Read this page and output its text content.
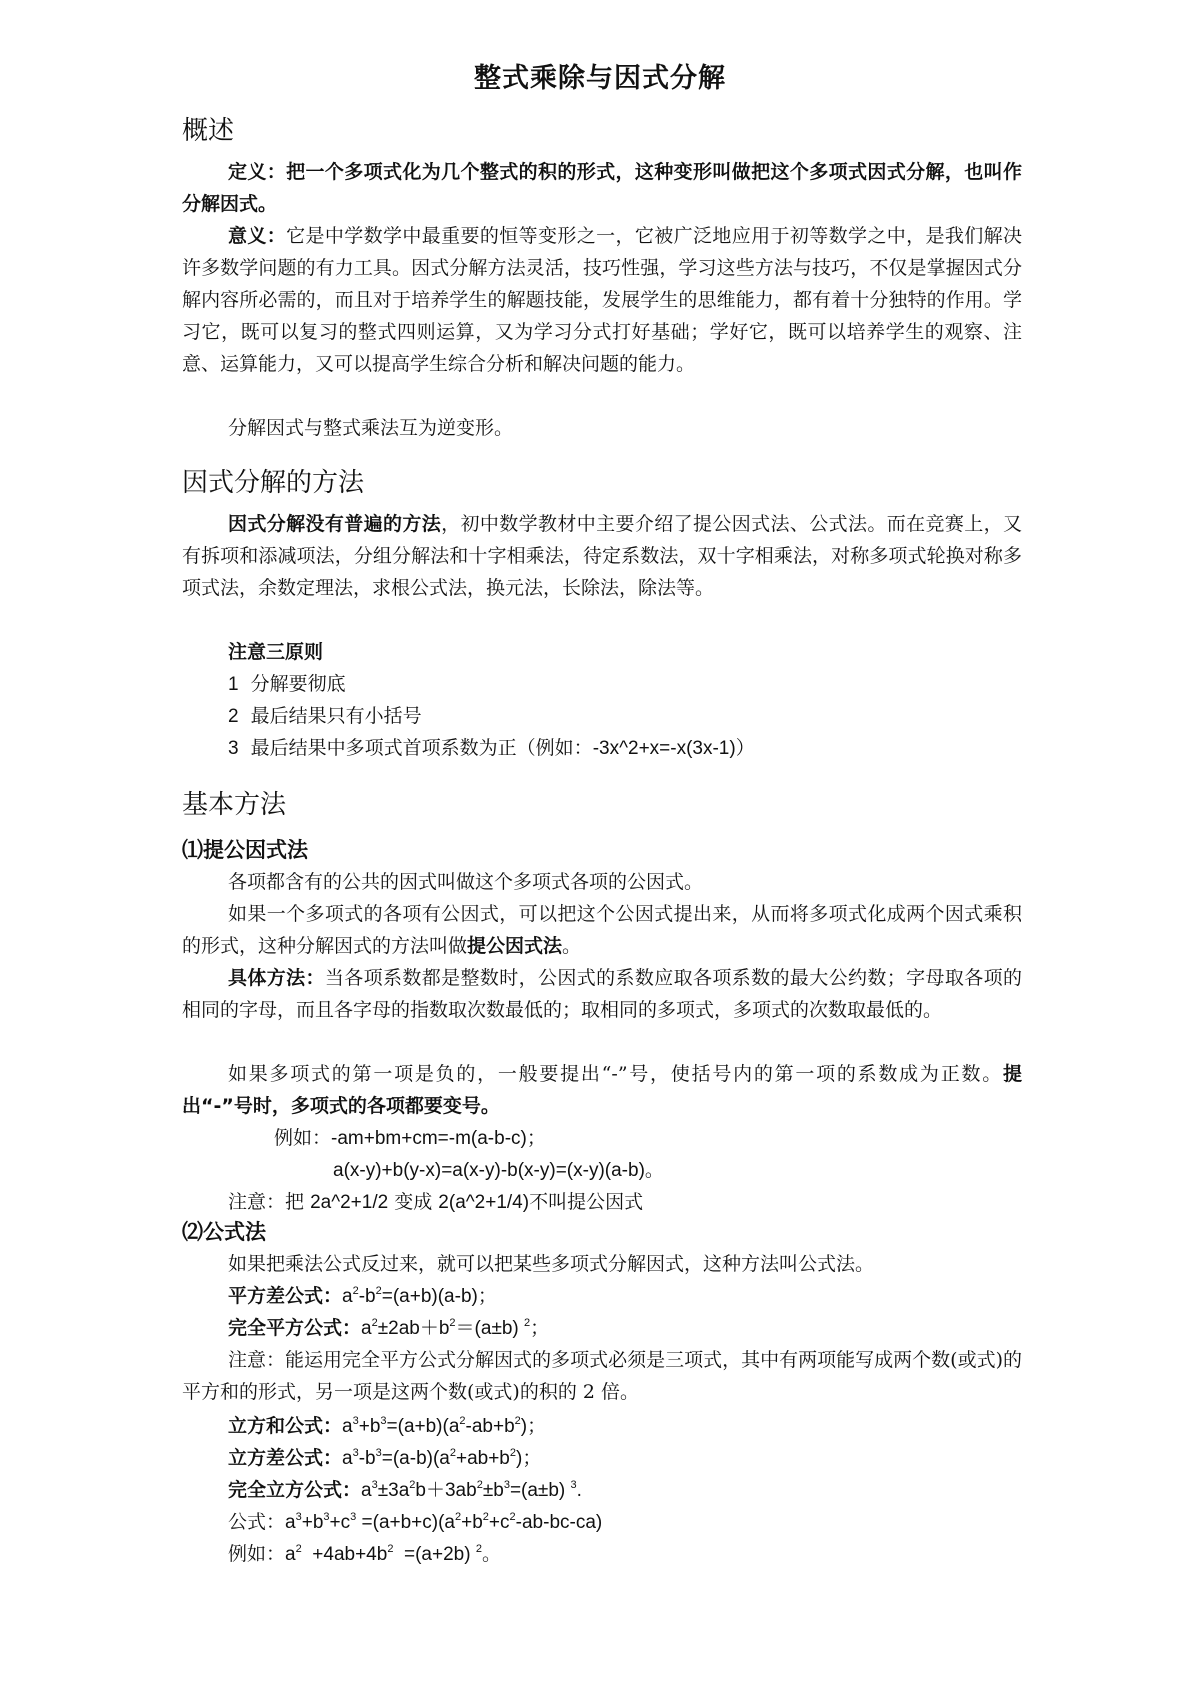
整式乘除与因式分解
概述
定义：把一个多项式化为几个整式的积的形式，这种变形叫做把这个多项式因式分解，也叫作分解因式。
意义：它是中学数学中最重要的恒等变形之一，它被广泛地应用于初等数学之中，是我们解决许多数学问题的有力工具。因式分解方法灵活，技巧性强，学习这些方法与技巧，不仅是掌握因式分解内容所必需的，而且对于培养学生的解题技能，发展学生的思维能力，都有着十分独特的作用。学习它，既可以复习的整式四则运算，又为学习分式打好基础；学好它，既可以培养学生的观察、注意、运算能力，又可以提高学生综合分析和解决问题的能力。
分解因式与整式乘法互为逆变形。
因式分解的方法
因式分解没有普遍的方法，初中数学教材中主要介绍了提公因式法、公式法。而在竞赛上，又有拆项和添减项法，分组分解法和十字相乘法，待定系数法，双十字相乘法，对称多项式轮换对称多项式法，余数定理法，求根公式法，换元法，长除法，除法等。
注意三原则
1 分解要彻底
2 最后结果只有小括号
3 最后结果中多项式首项系数为正（例如：-3x^2+x=-x(3x-1)）
基本方法
⑴提公因式法
各项都含有的公共的因式叫做这个多项式各项的公因式。
如果一个多项式的各项有公因式，可以把这个公因式提出来，从而将多项式化成两个因式乘积的形式，这种分解因式的方法叫做提公因式法。
具体方法：当各项系数都是整数时，公因式的系数应取各项系数的最大公约数；字母取各项的相同的字母，而且各字母的指数取次数最低的；取相同的多项式，多项式的次数取最低的。
如果多项式的第一项是负的，一般要提出“-”号，使括号内的第一项的系数成为正数。提出“-”号时，多项式的各项都要变号。
例如：-am+bm+cm=-m(a-b-c)；
a(x-y)+b(y-x)=a(x-y)-b(x-y)=(x-y)(a-b)。
注意：把 2a^2+1/2 变成 2(a^2+1/4)不叫提公因式
⑵公式法
如果把乘法公式反过来，就可以把某些多项式分解因式，这种方法叫公式法。
平方差公式：$a^2-b^2=(a+b)(a-b)$；
完全平方公式：$a^2\pm 2ab+b^2=(a\pm b)$ $^2$；
注意：能运用完全平方公式分解因式的多项式必须是三项式，其中有两项能写成两个数(或式)的平方和的形式，另一项是这两个数(或式)的积的 2 倍。
立方和公式：$a^3+b^3=(a+b)(a^2-ab+b^2)$；
立方差公式：$a^3-b^3=(a-b)(a^2+ab+b^2)$；
完全立方公式：$a^3\pm 3a^2b+3ab^2\pm b^3=(a\pm b)$ $^3$.
公式：$a^3+b^3+c^3 =(a+b+c)(a^2+b^2+c^2-ab-bc-ca)$
例如：$a^2 +4ab+4b^2 =(a+2b)$ $^2$。
